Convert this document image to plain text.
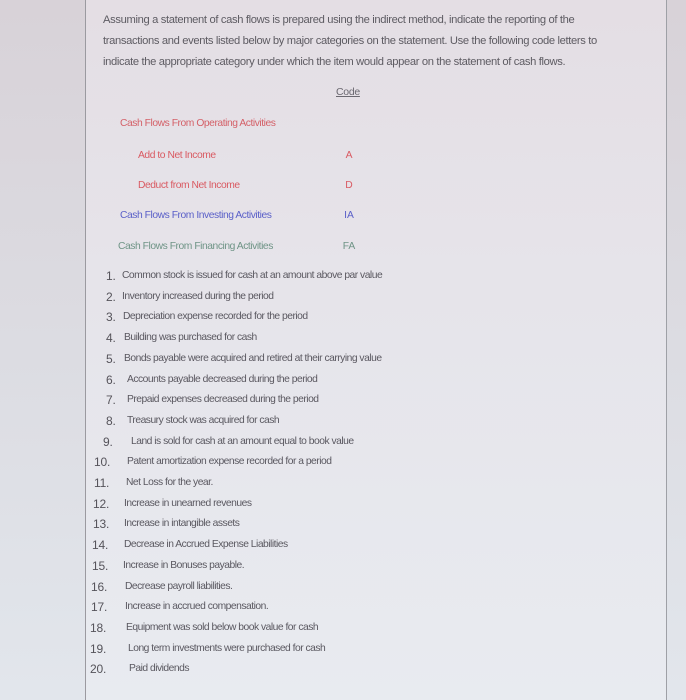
Assuming a statement of cash flows is prepared using the indirect method, indicate the reporting of the
transactions and events listed below by major categories on the statement. Use the following code letters to
indicate the appropriate category under which the item would appear on the statement of cash flows.
Code
Cash Flows From Operating Activities
Add to Net Income	A
Deduct from Net Income	D
Cash Flows From Investing Activities	IA
Cash Flows From Financing Activities	FA
1. Common stock is issued for cash at an amount above par value
2. Inventory increased during the period
3. Depreciation expense recorded for the period
4. Building was purchased for cash
5. Bonds payable were acquired and retired at their carrying value
6. Accounts payable decreased during the period
7. Prepaid expenses decreased during the period
8. Treasury stock was acquired for cash
9. Land is sold for cash at an amount equal to book value
10. Patent amortization expense recorded for a period
11. Net Loss for the year.
12. Increase in unearned revenues
13. Increase in intangible assets
14. Decrease in Accrued Expense Liabilities
15. Increase in Bonuses payable.
16. Decrease payroll liabilities.
17. Increase in accrued compensation.
18. Equipment was sold below book value for cash
19. Long term investments were purchased for cash
20. Paid dividends
